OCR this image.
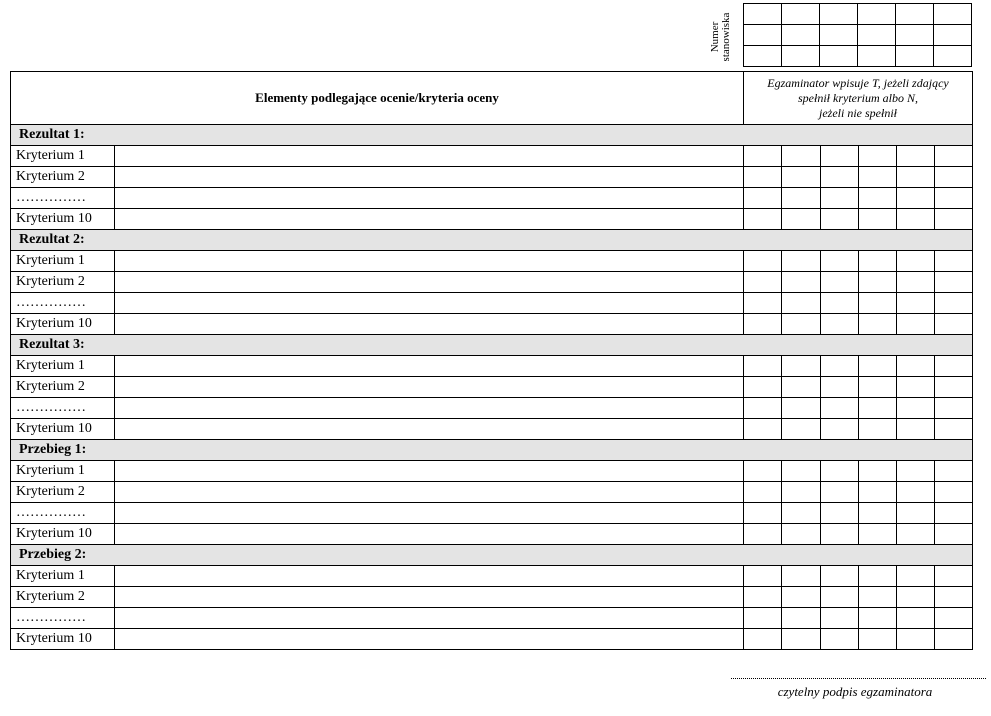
Numer
stanowiska

Elementy podlegające ocenie/kryteria oceny		Egzaminator wpisuje T, jeżeli zdający
spełnił kryterium albo N,
jeżeli nie spełnił					
Rezultat 1:							
Kryterium 1							
Kryterium 2							
……………							
Kryterium 10							
Rezultat 2:							
Kryterium 1							
Kryterium 2							
……………							
Kryterium 10							
Rezultat 3:							
Kryterium 1							
Kryterium 2							
……………							
Kryterium 10							
Przebieg 1:							
Kryterium 1							
Kryterium 2							
……………							
Kryterium 10							
Przebieg 2:							
Kryterium 1							
Kryterium 2							
……………							
Kryterium 10							
czytelny podpis egzaminatora
